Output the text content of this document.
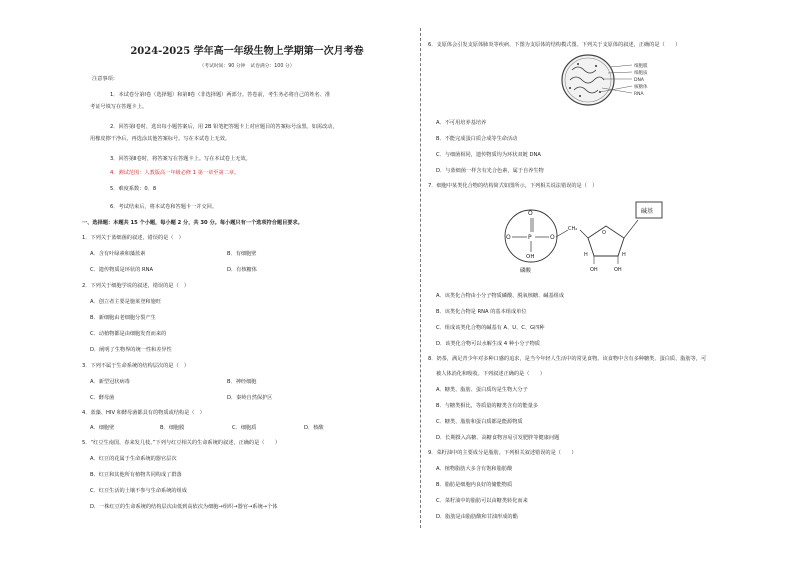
2024-2025 学年高一年级生物上学期第一次月考卷
（考试时间：90 分钟　试卷满分：100 分）
注意事项：
1．本试卷分第Ⅰ卷（选择题）和第Ⅱ卷（非选择题）两部分。答卷前，考生务必将自己的姓名、准
考证号填写在答题卡上。
2．回答第Ⅰ卷时，选出每小题答案后，用 2B 铅笔把答题卡上对应题目的答案标号涂黑。如需改动，
用橡皮擦干净后，再选涂其他答案标号。写在本试卷上无效。
3．回答第Ⅱ卷时，将答案写在答题卡上。写在本试卷上无效。
4．测试范围：人教版高一年级必修 1 第一章至第二章。
5．难度系数：0．8
6．考试结束后，将本试卷和答题卡一并交回。
一、选择题：本题共 15 个小题，每小题 2 分，共 30 分。每小题只有一个选项符合题目要求。
1．下列关于蓝细菌的叙述，错误的是（　）
A．含有叶绿素和藻蓝素	B．有细胞壁
C．遗传物质是环状的 RNA	D．有核糖体
2．下列关于细胞学说的叙述，错误的是（　）
A．创立者主要是施莱登和施旺
B．新细胞由老细胞分裂产生
C．动植物都是由细胞发育而来的
D．阐明了生物界的统一性和差异性
3．下列不属于生命系统的结构层次的是（　）
A．新型冠状病毒	B．神经细胞
C．酵母菌	D．秦岭自然保护区
4．蓝藻、HIV 和酵母菌都具有的物质或结构是（　）
A．细胞壁	B．细胞膜	C．细胞质	D．核酸
5．“红豆生南国，春来发几枝。”下列与红豆相关的生命系统的叙述，正确的是（　　）
A．红豆的花属于生命系统的器官层次
B．红豆和其他所有植物共同构成了群落
C．红豆生活的土壤不参与生命系统的组成
D．一株红豆的生命系统的结构层次由低到高依次为细胞→组织→器官→系统→个体
6．支原体会引发支原体肺炎等疾病，下图为支原体的结构模式图。下列关于支原体的叙述，正确的是（　　）
细胞膜
细胞质
DNA
核糖体
RNA
A．不可用培养基培养
B．不能完成蛋白质合成等生命活动
C．与细菌相同，遗传物质均为环状双链 DNA
D．与蓝细菌一样含有光合色素，属于自养生物
7．细胞中某类化合物的结构简式如图所示，下列相关说法错误的是（　）
O
P
O	O
OH
磷酸
CH₂
O
碱基
H	H
OH	OH
A．该类化合物由小分子物质磷酸、脱氧核糖、碱基组成
B．该类化合物是 RNA 的基本组成单位
C．组成该类化合物的碱基有 A、U、C、G四种
D．该类化合物可以水解生成 4 种小分子物质
8．奶茶，满足青少年对多种口感的追求，是当今年轻人生活中的常见食物。该食物中含有多种糖类、蛋白质、脂肪等，可
被人体消化和吸收。下列叙述正确的是（　　）
A．糖类、脂肪、蛋白质均是生物大分子
B．与糖类相比，等质量的糖类含有的能量多
C．糖类、脂肪和蛋白质都是能源物质
D．长期摄入高糖、高糖食物容易引发肥胖等健康问题
9．菜籽油中的主要成分是脂肪。下列相关叙述错误的是（　　）
A．植物脂肪大多含有饱和脂肪酸
B．脂肪是细胞内良好的储能物质
C．菜籽油中的脂肪可以由糖类转化而来
D．脂肪是由脂肪酸和甘油形成的酯
